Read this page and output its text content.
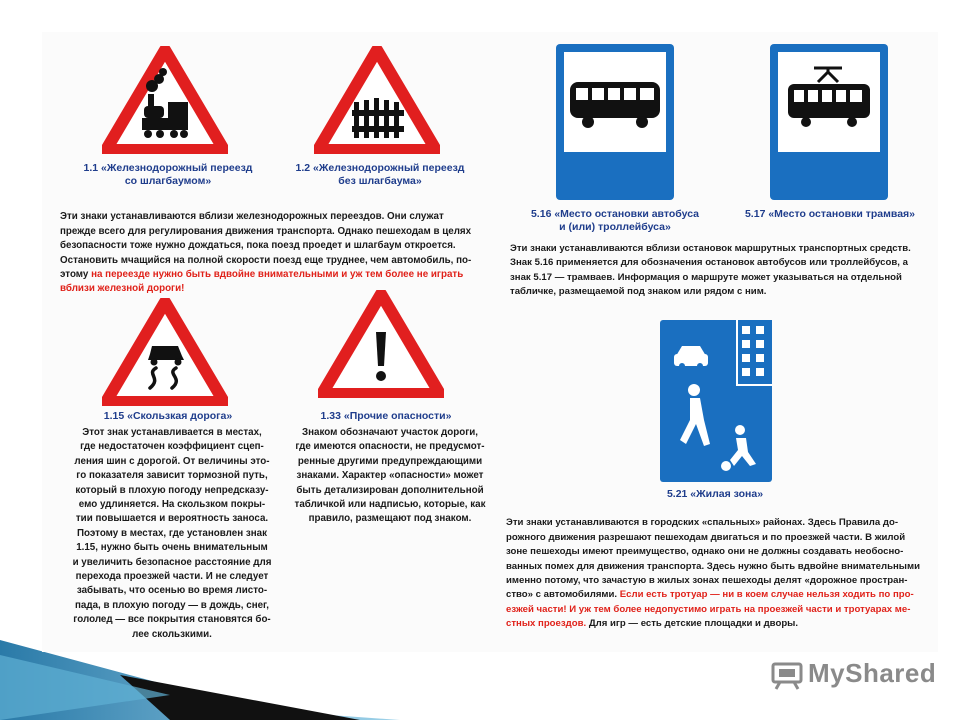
1.1 «Железнодорожный переезд
со шлагбаумом»
1.2 «Железнодорожный переезд
без шлагбаума»

Эти знаки устанавливаются вблизи железнодорожных переездов. Они служат
прежде всего для регулирования движения транспорта. Однако пешеходам в целях
безопасности тоже нужно дождаться, пока поезд проедет и шлагбаум откроется.
Остановить мчащийся на полной скорости поезд еще труднее, чем автомобиль, по-
этому на переезде нужно быть вдвойне внимательными и уж тем более не играть
вблизи железной дороги!

1.15 «Скользкая дорога»	1.33 «Прочие опасности»
Этот знак устанавливается в местах,
где недостаточен коэффициент сцеп-
ления шин с дорогой. От величины это-
го показателя зависит тормозной путь,
который в плохую погоду непредсказу-
емо удлиняется. На скользком покры-
тии повышается и вероятность заноса.
Поэтому в местах, где установлен знак
1.15, нужно быть очень внимательным
и увеличить безопасное расстояние для
перехода проезжей части. И не следует
забывать, что осенью во время листо-
пада, в плохую погоду — в дождь, снег,
гололед — все покрытия становятся бо-
лее скользкими.
Знаком обозначают участок дороги,
где имеются опасности, не предусмот-
ренные другими предупреждающими
знаками. Характер «опасности» может
быть детализирован дополнительной
табличкой или надписью, которые, как
правило, размещают под знаком.
5.16 «Место остановки автобуса
и (или) троллейбуса»
5.17 «Место остановки трамвая»
Эти знаки устанавливаются вблизи остановок маршрутных транспортных средств.
Знак 5.16 применяется для обозначения остановок автобусов или троллейбусов, а
знак 5.17 — трамваев. Информация о маршруте может указываться на отдельной
табличке, размещаемой под знаком или рядом с ним.
5.21 «Жилая зона»

Эти знаки устанавливаются в городских «спальных» районах. Здесь Правила до-
рожного движения разрешают пешеходам двигаться и по проезжей части. В жилой
зоне пешеходы имеют преимущество, однако они не должны создавать необосно-
ванных помех для движения транспорта. Здесь нужно быть вдвойне внимательными
именно потому, что зачастую в жилых зонах пешеходы делят «дорожное простран-
ство» с автомобилями. Если есть тротуар — ни в коем случае нельзя ходить по про-
езжей части! И уж тем более недопустимо играть на проезжей части и тротуарах ме-
стных проездов. Для игр — есть детские площадки и дворы.

MyShared
